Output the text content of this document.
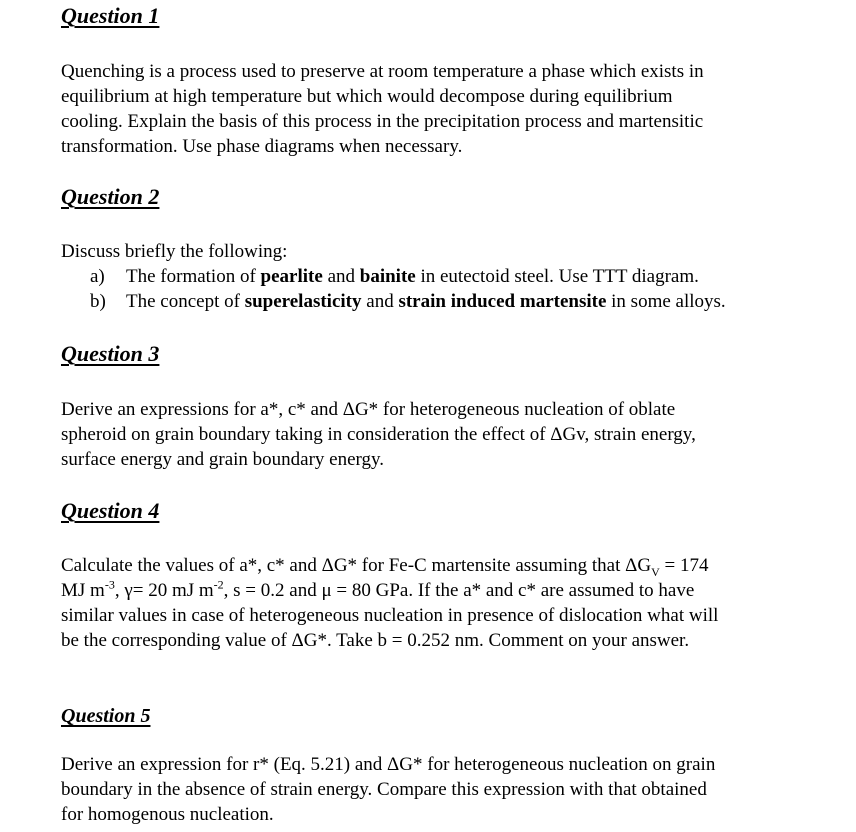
Question 1
Quenching is a process used to preserve at room temperature a phase which exists in
equilibrium at high temperature but which would decompose during equilibrium
cooling. Explain the basis of this process in the precipitation process and martensitic
transformation. Use phase diagrams when necessary.
Question 2
Discuss briefly the following:
a) The formation of pearlite and bainite in eutectoid steel. Use TTT diagram.
b) The concept of superelasticity and strain induced martensite in some alloys.
Question 3
Derive an expressions for a*, c* and ΔG* for heterogeneous nucleation of oblate
spheroid on grain boundary taking in consideration the effect of ΔGv, strain energy,
surface energy and grain boundary energy.
Question 4
Calculate the values of a*, c* and ΔG* for Fe-C martensite assuming that $\Delta G_V = 174$
MJ $m^{-3}$, γ= 20 mJ $m^{-2}$, s = 0.2 and μ = 80 GPa. If the a* and c* are assumed to have
similar values in case of heterogeneous nucleation in presence of dislocation what will
be the corresponding value of ΔG*. Take b = 0.252 nm. Comment on your answer.
Question 5
Derive an expression for r* (Eq. 5.21) and ΔG* for heterogeneous nucleation on grain
boundary in the absence of strain energy. Compare this expression with that obtained
for homogenous nucleation.
